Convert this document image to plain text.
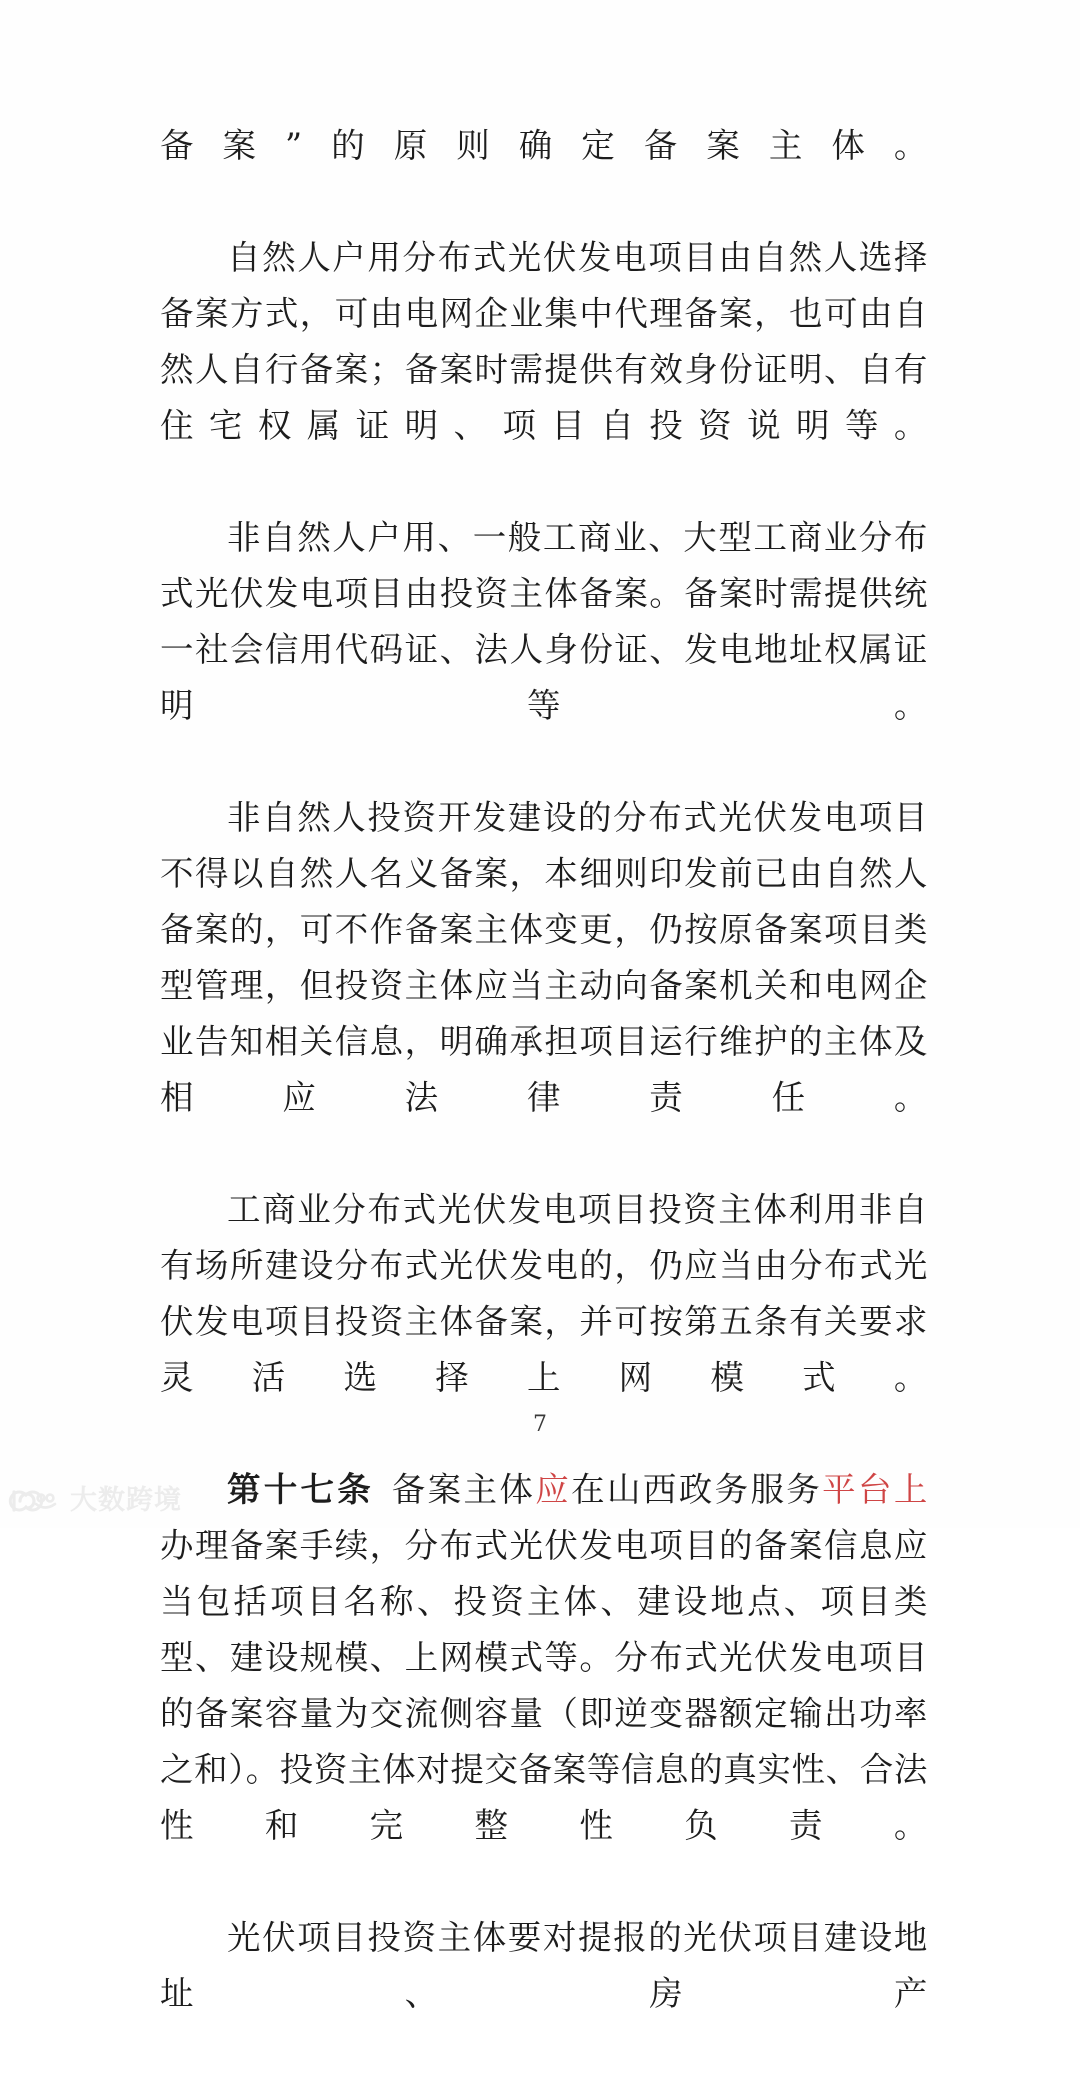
备案”的原则确定备案主体。

自然人户用分布式光伏发电项目由自然人选择备案方式，可由电网企业集中代理备案，也可由自然人自行备案；备案时需提供有效身份证明、自有住宅权属证明、项目自投资说明等。

非自然人户用、一般工商业、大型工商业分布式光伏发电项目由投资主体备案。备案时需提供统一社会信用代码证、法人身份证、发电地址权属证明等。

非自然人投资开发建设的分布式光伏发电项目不得以自然人名义备案，本细则印发前已由自然人备案的，可不作备案主体变更，仍按原备案项目类型管理，但投资主体应当主动向备案机关和电网企业告知相关信息，明确承担项目运行维护的主体及相应法律责任。

工商业分布式光伏发电项目投资主体利用非自有场所建设分布式光伏发电的，仍应当由分布式光伏发电项目投资主体备案，并可按第五条有关要求灵活选择上网模式。

第十七条 备案主体应在山西政务服务平台上办理备案手续，分布式光伏发电项目的备案信息应当包括项目名称、投资主体、建设地点、项目类型、建设规模、上网模式等。分布式光伏发电项目的备案容量为交流侧容量（即逆变器额定输出功率之和）。投资主体对提交备案等信息的真实性、合法性和完整性负责。

光伏项目投资主体要对提报的光伏项目建设地址、房产

7
大数跨境
